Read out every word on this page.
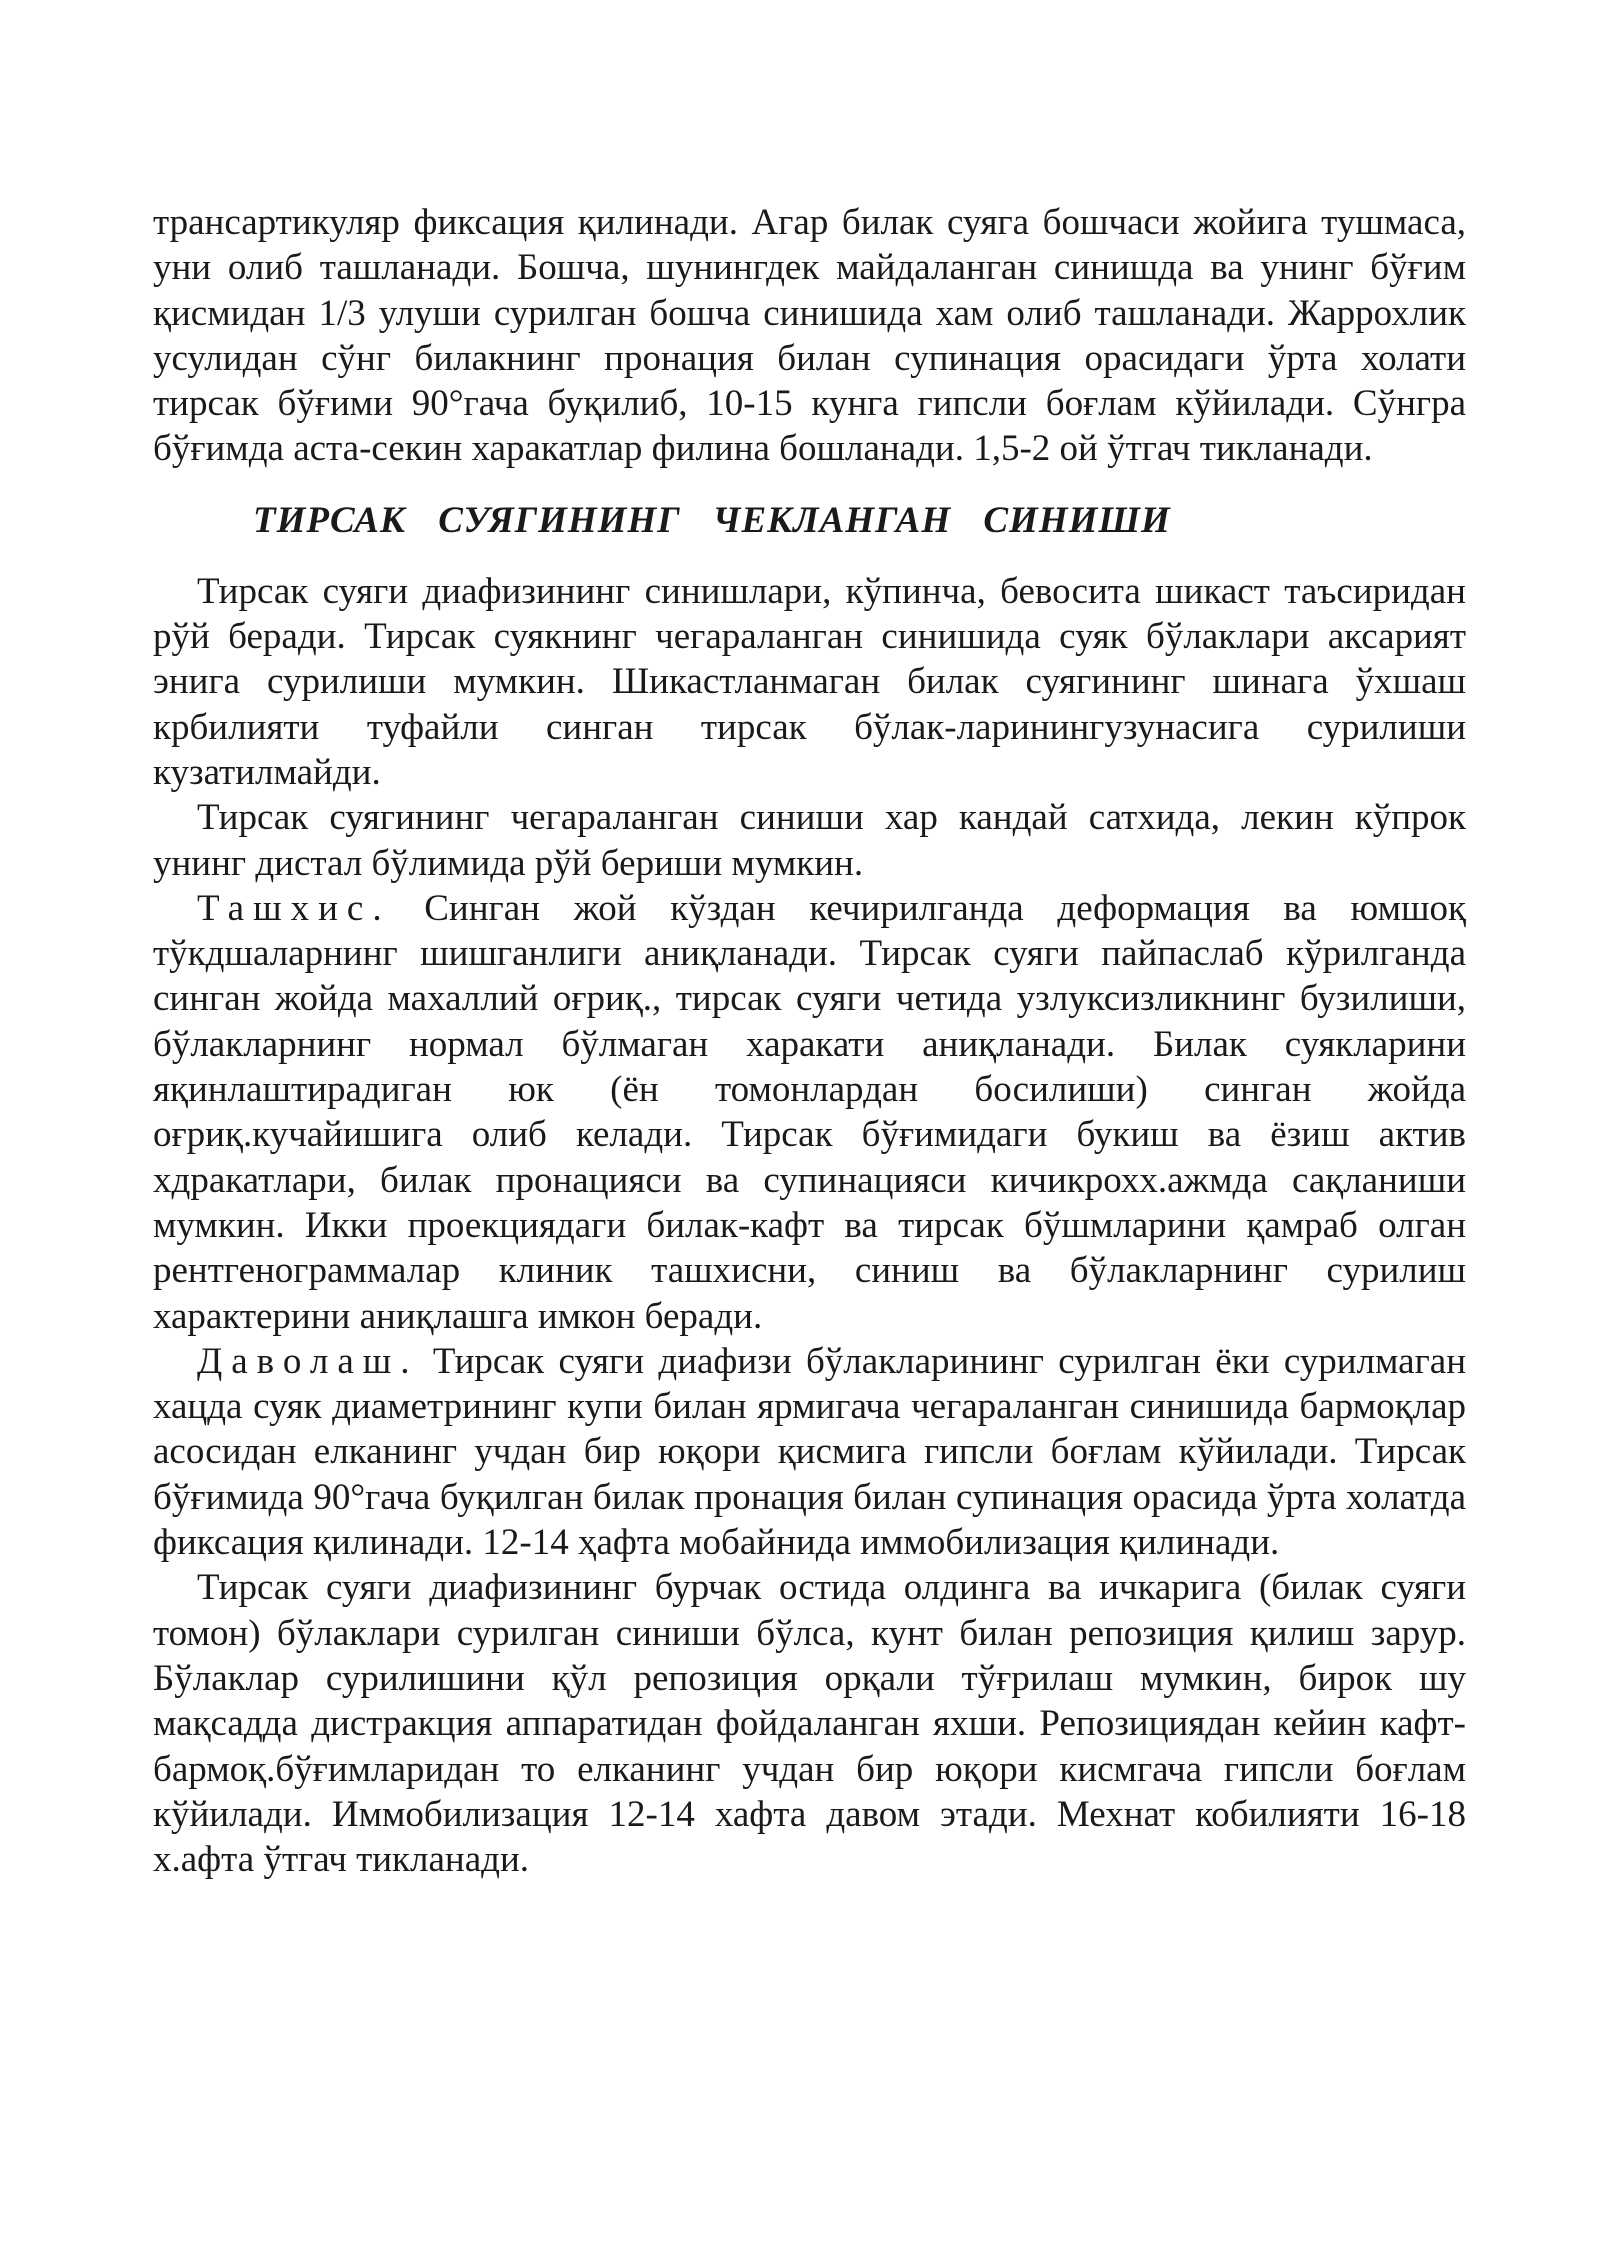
трансартикуляр фиксация қилинади. Агар билак суяга бошчаси жойига тушмаса, уни олиб ташланади. Бошча, шунингдек майдаланган синишда ва унинг бўғим қисмидан 1/3 улуши сурилган бошча синишида хам олиб ташланади. Жаррохлик усулидан сўнг билакнинг пронация билан супинация орасидаги ўрта холати тирсак бўғими 90°гача буқилиб, 10-15 кунга гипсли боғлам кўйилади. Сўнгра бўғимда аста-секин харакатлар филина бошланади. 1,5-2 ой ўтгач тикланади.

ТИРСАК СУЯГИНИНГ ЧЕКЛАНГАН СИНИШИ

Тирсак суяги диафизининг синишлари, кўпинча, бевосита шикаст таъсиридан рўй беради. Тирсак суякнинг чегараланган синишида суяк бўлаклари аксарият энига сурилиши мумкин. Шикастланмаган билак суягининг шинага ўхшаш крбилияти туфайли синган тирсак бўлак-ларинингузунасига сурилиши кузатилмайди.

Тирсак суягининг чегараланган синиши хар кандай сатхида, лекин кўпрок унинг дистал бўлимида рўй бериши мумкин.

Ташхис. Синган жой кўздан кечирилганда деформация ва юмшоқ тўкдшаларнинг шишганлиги аниқланади. Тирсак суяги пайпаслаб кўрилганда синган жойда махаллий оғриқ., тирсак суяги четида узлуксизликнинг бузилиши, бўлакларнинг нормал бўлмаган харакати аниқланади. Билак суякларини яқинлаштирадиган юк (ён томонлардан босилиши) синган жойда оғриқ.кучайишига олиб келади. Тирсак бўғимидаги букиш ва ёзиш актив хдракатлари, билак пронацияси ва супинацияси кичикрохх.ажмда сақланиши мумкин. Икки проекциядаги билак-кафт ва тирсак бўшмларини қамраб олган рентгенограммалар клиник ташхисни, синиш ва бўлакларнинг сурилиш характерини аниқлашга имкон беради.

Даволаш. Тирсак суяги диафизи бўлакларининг сурилган ёки сурилмаган хацда суяк диаметрининг купи билан ярмигача чегараланган синишида бармоқлар асосидан елканинг учдан бир юқори қисмига гипсли боғлам кўйилади. Тирсак бўғимида 90°гача буқилган билак пронация билан супинация орасида ўрта холатда фиксация қилинади. 12-14 ҳафта мобайнида иммобилизация қилинади.

Тирсак суяги диафизининг бурчак остида олдинга ва ичкарига (билак суяги томон) бўлаклари сурилган синиши бўлса, кунт билан репозиция қилиш зарур. Бўлаклар сурилишини қўл репозиция орқали тўғрилаш мумкин, бирок шу мақсадда дистракция аппаратидан фойдаланган яхши. Репозициядан кейин кафт-бармоқ.бўғимларидан то елканинг учдан бир юқори кисмгача гипсли боғлам кўйилади. Иммобилизация 12-14 хафта давом этади. Мехнат кобилияти 16-18 х.афта ўтгач тикланади.
